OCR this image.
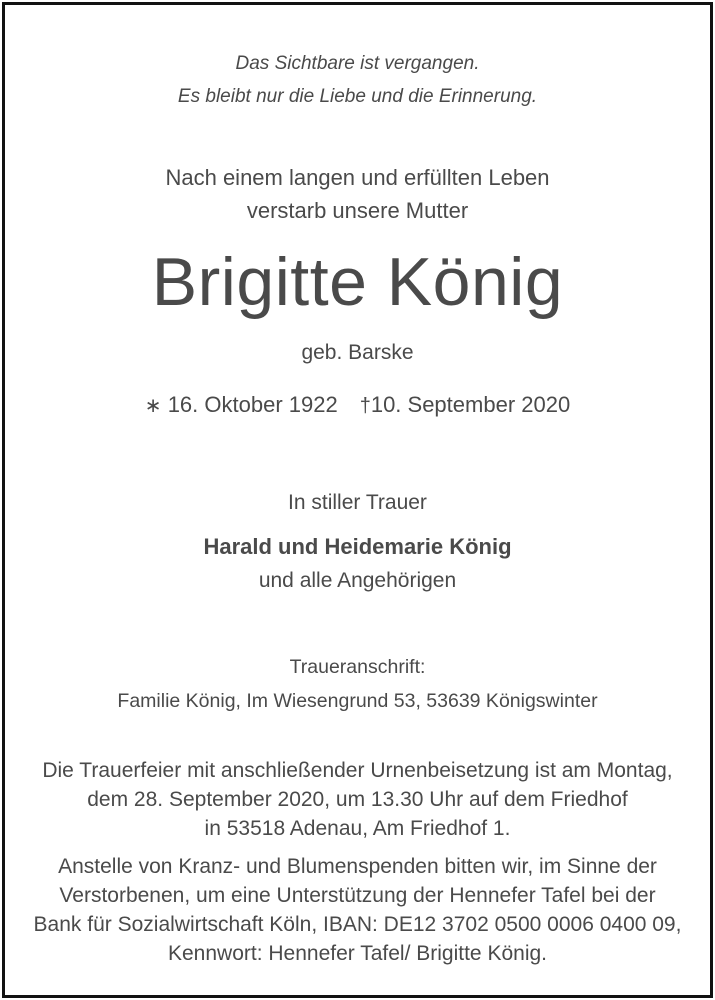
Das Sichtbare ist vergangen.
Es bleibt nur die Liebe und die Erinnerung.
Nach einem langen und erfüllten Leben
verstarb unsere Mutter
Brigitte König
geb. Barske
∗ 16. Oktober 1922 †10. September 2020
In stiller Trauer
Harald und Heidemarie König
und alle Angehörigen
Traueranschrift:
Familie König, Im Wiesengrund 53, 53639 Königswinter
Die Trauerfeier mit anschließender Urnenbeisetzung ist am Montag,
dem 28. September 2020, um 13.30 Uhr auf dem Friedhof
in 53518 Adenau, Am Friedhof 1.
Anstelle von Kranz- und Blumenspenden bitten wir, im Sinne der
Verstorbenen, um eine Unterstützung der Hennefer Tafel bei der
Bank für Sozialwirtschaft Köln, IBAN: DE12 3702 0500 0006 0400 09,
Kennwort: Hennefer Tafel/ Brigitte König.
